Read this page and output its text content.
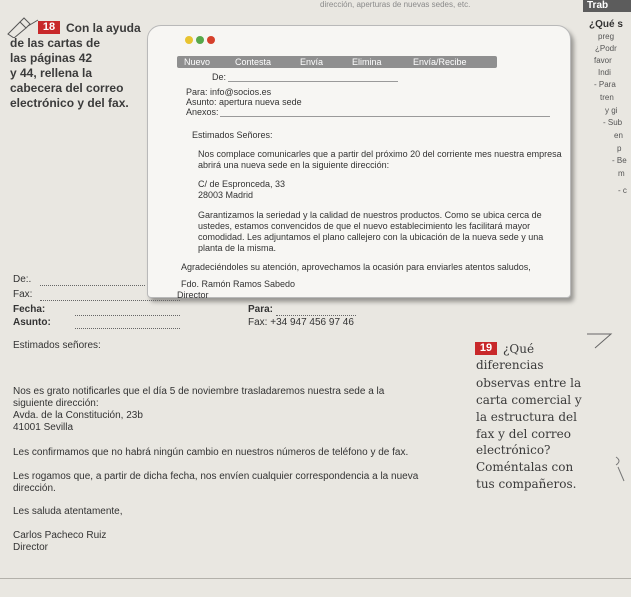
dirección, aperturas de nuevas sedes, etc.	Trab
18 Con la ayuda
de las cartas de
las páginas 42
y 44, rellena la
cabecera del correo
electrónico y del fax.
¿Qué s
preg
¿Podr
favor
Indi
- Para
tren
y gi
- Sub
en
p
- Be
m
- c
Nuevo	Contesta	Envía	Elimina	Envía/Recibe
De:
Para: info@socios.es
Asunto: apertura nueva sede
Anexos:
Estimados Señores:
Nos complace comunicarles que a partir del próximo 20 del corriente mes nuestra empresa
abrirá una nueva sede en la siguiente dirección:
C/ de Espronceda, 33
28003 Madrid
Garantizamos la seriedad y la calidad de nuestros productos. Como se ubica cerca de
ustedes, estamos convencidos de que el nuevo establecimiento les facilitará mayor
comodidad. Les adjuntamos el plano callejero con la ubicación de la nueva sede y una
planta de la misma.
Agradeciéndoles su atención, aprovechamos la ocasión para enviarles atentos saludos,
Fdo. Ramón Ramos Sabedo
Director
De:.
Fax:
Fecha:	Para:
Asunto:	Fax: +34 947 456 97 46
Estimados señores:
Nos es grato notificarles que el día 5 de noviembre trasladaremos nuestra sede a la
siguiente dirección:
Avda. de la Constitución, 23b
41001 Sevilla
Les confirmamos que no habrá ningún cambio en nuestros números de teléfono y de fax.
Les rogamos que, a partir de dicha fecha, nos envíen cualquier correspondencia a la nueva
dirección.
Les saluda atentamente,
Carlos Pacheco Ruiz
Director
19 ¿Qué
diferencias
observas entre la
carta comercial y
la estructura del
fax y del correo
electrónico?
Coméntalas con
tus compañeros.
